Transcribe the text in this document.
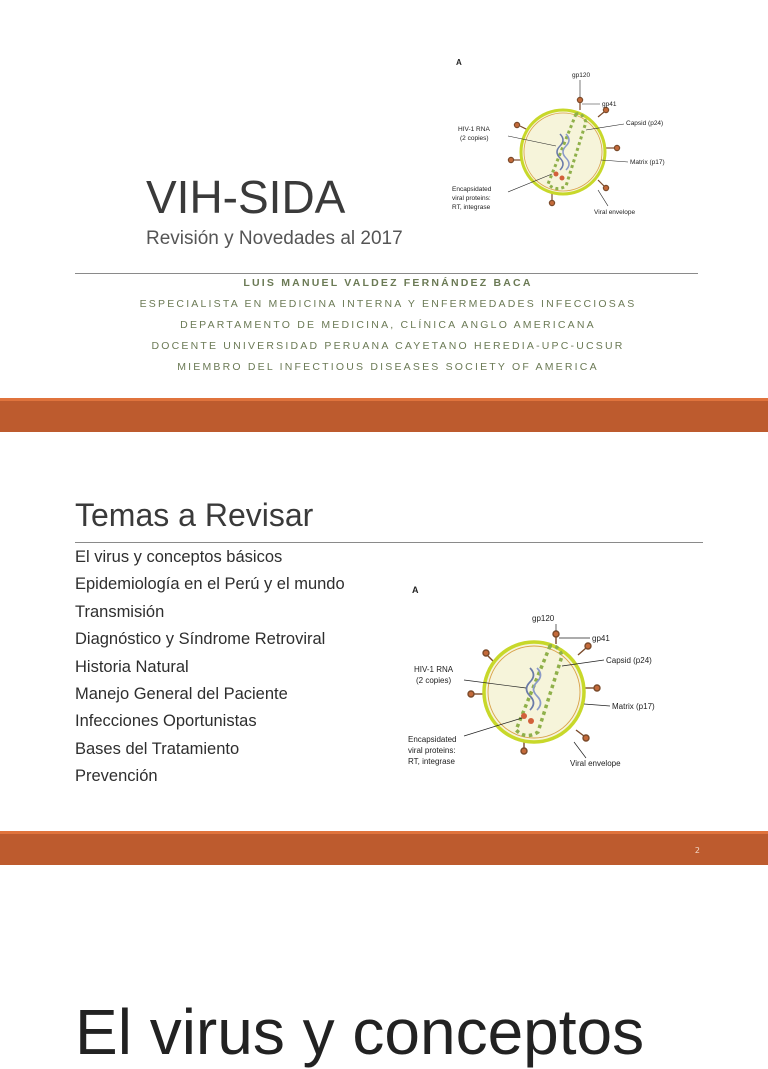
VIH-SIDA
Revisión y Novedades al 2017
A
gp120
gp41
Capsid (p24)
Matrix (p17)
Viral envelope
HIV-1 RNA
(2 copies)
Encapsidated
viral proteins:
RT, integrase
LUIS MANUEL VALDEZ FERNÁNDEZ BACA
ESPECIALISTA EN MEDICINA INTERNA Y ENFERMEDADES INFECCIOSAS
DEPARTAMENTO DE MEDICINA, CLÍNICA ANGLO AMERICANA
DOCENTE UNIVERSIDAD PERUANA CAYETANO HEREDIA-UPC-UCSUR
MIEMBRO DEL INFECTIOUS DISEASES SOCIETY OF AMERICA
Temas a Revisar
El virus y conceptos básicos
Epidemiología en el Perú y el mundo
Transmisión
Diagnóstico y Síndrome Retroviral
Historia Natural
Manejo General del Paciente
Infecciones Oportunistas
Bases del Tratamiento
Prevención
A
gp120
gp41
Capsid (p24)
Matrix (p17)
Viral envelope
HIV-1 RNA
(2 copies)
Encapsidated
viral proteins:
RT, integrase
2
El virus y conceptos
